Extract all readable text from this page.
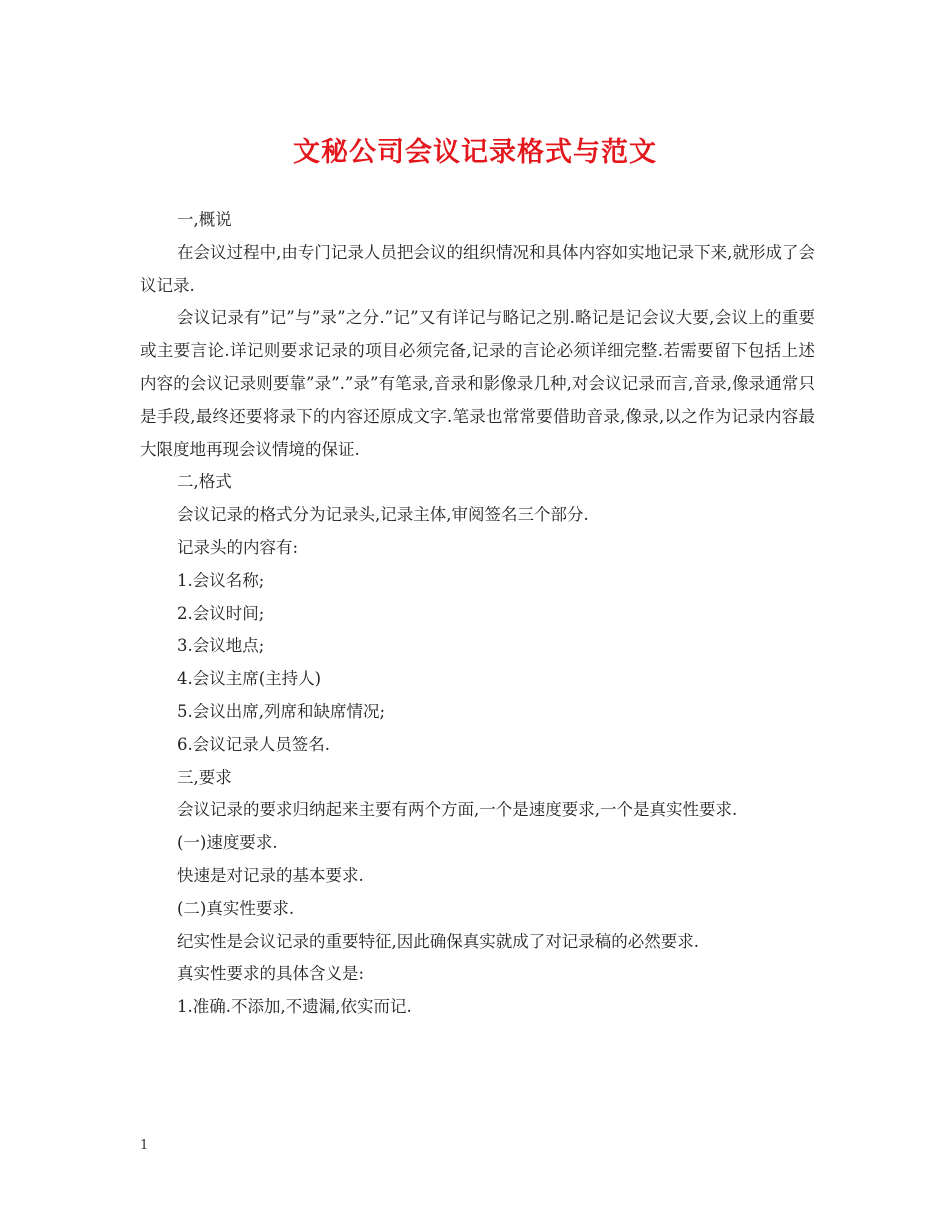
文秘公司会议记录格式与范文

一,概说

在会议过程中,由专门记录人员把会议的组织情况和具体内容如实地记录下来,就形成了会议记录.

会议记录有”记”与”录”之分.”记”又有详记与略记之别.略记是记会议大要,会议上的重要或主要言论.详记则要求记录的项目必须完备,记录的言论必须详细完整.若需要留下包括上述内容的会议记录则要靠”录”.”录”有笔录,音录和影像录几种,对会议记录而言,音录,像录通常只是手段,最终还要将录下的内容还原成文字.笔录也常常要借助音录,像录,以之作为记录内容最大限度地再现会议情境的保证.

二,格式

会议记录的格式分为记录头,记录主体,审阅签名三个部分.

记录头的内容有:

1.会议名称;

2.会议时间;

3.会议地点;

4.会议主席(主持人)

5.会议出席,列席和缺席情况;

6.会议记录人员签名.

三,要求

会议记录的要求归纳起来主要有两个方面,一个是速度要求,一个是真实性要求.

(一)速度要求.

快速是对记录的基本要求.

(二)真实性要求.

纪实性是会议记录的重要特征,因此确保真实就成了对记录稿的必然要求.

真实性要求的具体含义是:

1.准确.不添加,不遗漏,依实而记.

1
